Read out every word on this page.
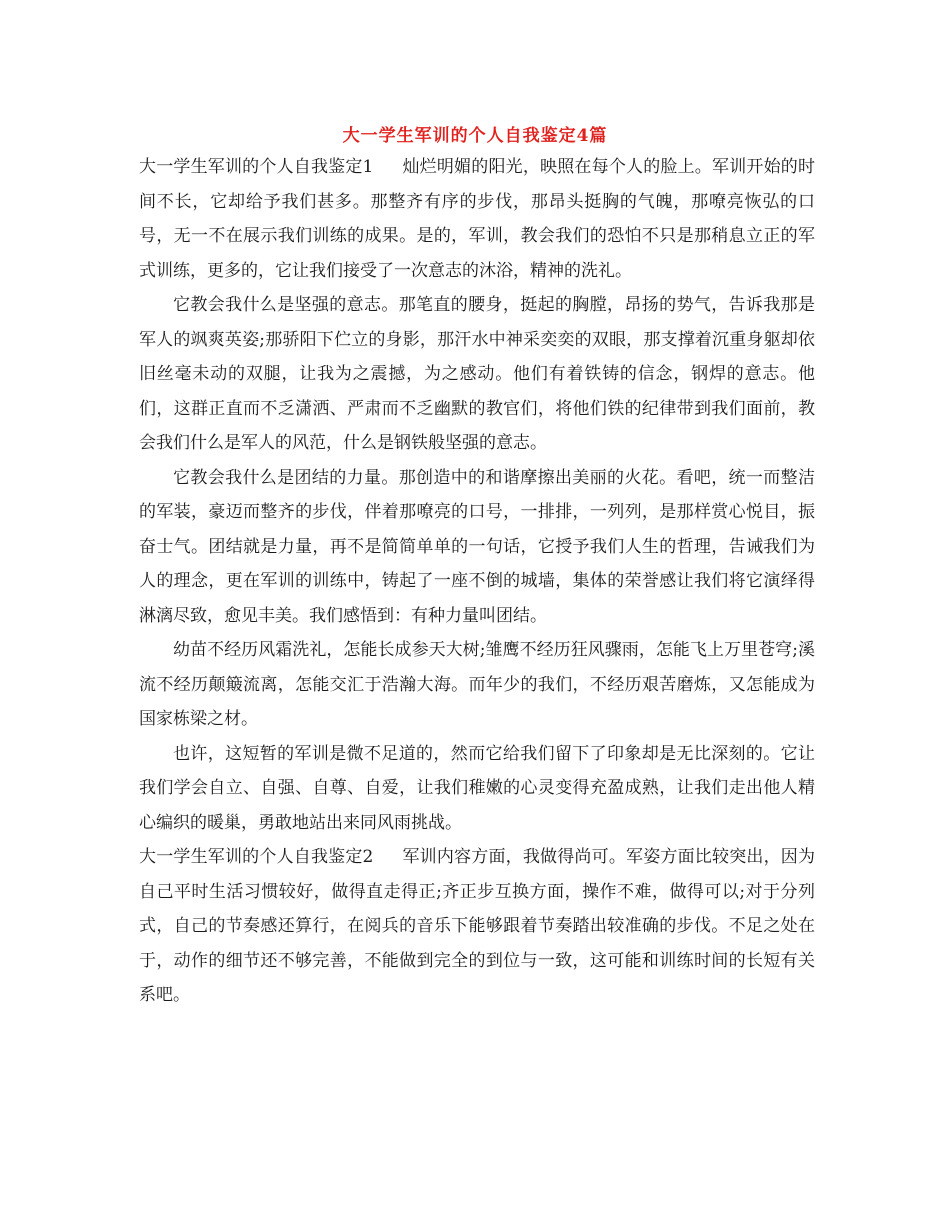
大一学生军训的个人自我鉴定4篇

大一学生军训的个人自我鉴定1 灿烂明媚的阳光，映照在每个人的脸上。军训开始的时间不长，它却给予我们甚多。那整齐有序的步伐，那昂头挺胸的气魄，那嘹亮恢弘的口号，无一不在展示我们训练的成果。是的，军训，教会我们的恐怕不只是那稍息立正的军式训练，更多的，它让我们接受了一次意志的沐浴，精神的洗礼。

它教会我什么是坚强的意志。那笔直的腰身，挺起的胸膛，昂扬的势气，告诉我那是军人的飒爽英姿;那骄阳下伫立的身影，那汗水中神采奕奕的双眼，那支撑着沉重身躯却依旧丝毫未动的双腿，让我为之震撼，为之感动。他们有着铁铸的信念，钢焊的意志。他们，这群正直而不乏潇洒、严肃而不乏幽默的教官们，将他们铁的纪律带到我们面前，教会我们什么是军人的风范，什么是钢铁般坚强的意志。

它教会我什么是团结的力量。那创造中的和谐摩擦出美丽的火花。看吧，统一而整洁的军装，豪迈而整齐的步伐，伴着那嘹亮的口号，一排排，一列列，是那样赏心悦目，振奋士气。团结就是力量，再不是简简单单的一句话，它授予我们人生的哲理，告诫我们为人的理念，更在军训的训练中，铸起了一座不倒的城墙，集体的荣誉感让我们将它演绎得淋漓尽致，愈见丰美。我们感悟到：有种力量叫团结。

幼苗不经历风霜洗礼，怎能长成参天大树;雏鹰不经历狂风骤雨，怎能飞上万里苍穹;溪流不经历颠簸流离，怎能交汇于浩瀚大海。而年少的我们，不经历艰苦磨炼，又怎能成为国家栋梁之材。

也许，这短暂的军训是微不足道的，然而它给我们留下了印象却是无比深刻的。它让我们学会自立、自强、自尊、自爱，让我们稚嫩的心灵变得充盈成熟，让我们走出他人精心编织的暖巢，勇敢地站出来同风雨挑战。

大一学生军训的个人自我鉴定2 军训内容方面，我做得尚可。军姿方面比较突出，因为自己平时生活习惯较好，做得直走得正;齐正步互换方面，操作不难，做得可以;对于分列式，自己的节奏感还算行，在阅兵的音乐下能够跟着节奏踏出较准确的步伐。不足之处在于，动作的细节还不够完善，不能做到完全的到位与一致，这可能和训练时间的长短有关系吧。
